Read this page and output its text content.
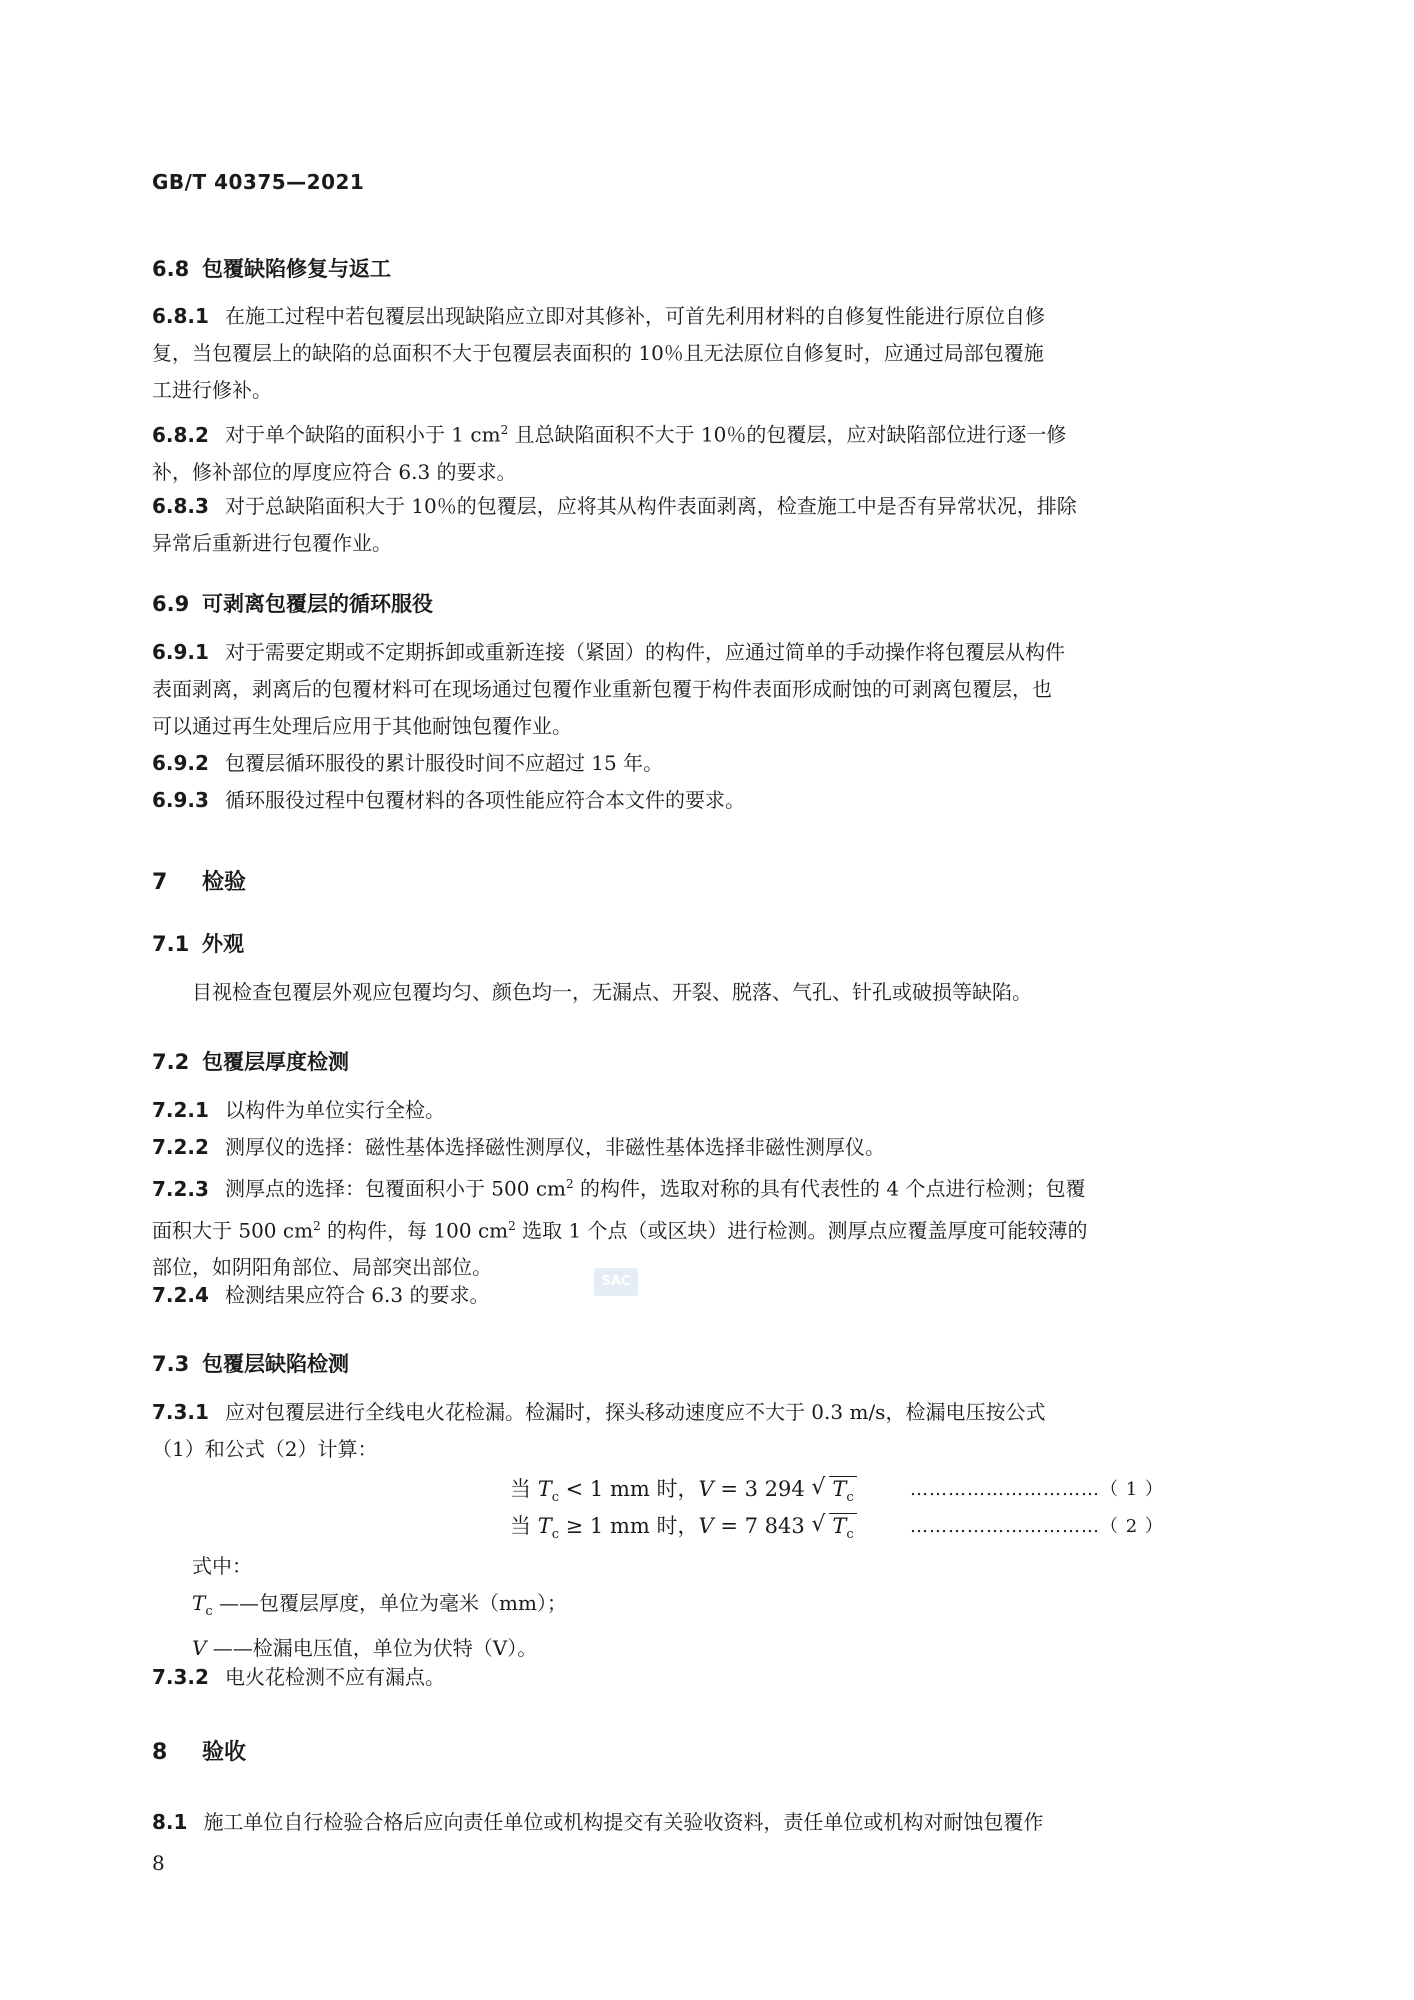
GB/T 40375—2021
6.8 包覆缺陷修复与返工
6.8.1 在施工过程中若包覆层出现缺陷应立即对其修补，可首先利用材料的自修复性能进行原位自修
复，当包覆层上的缺陷的总面积不大于包覆层表面积的 10％且无法原位自修复时，应通过局部包覆施
工进行修补。
6.8.2 对于单个缺陷的面积小于 1 $cm^2$ 且总缺陷面积不大于 10％的包覆层，应对缺陷部位进行逐一修
补，修补部位的厚度应符合 6.3 的要求。
6.8.3 对于总缺陷面积大于 10％的包覆层，应将其从构件表面剥离，检查施工中是否有异常状况，排除
异常后重新进行包覆作业。
6.9 可剥离包覆层的循环服役
6.9.1 对于需要定期或不定期拆卸或重新连接（紧固）的构件，应通过简单的手动操作将包覆层从构件
表面剥离，剥离后的包覆材料可在现场通过包覆作业重新包覆于构件表面形成耐蚀的可剥离包覆层，也
可以通过再生处理后应用于其他耐蚀包覆作业。
6.9.2 包覆层循环服役的累计服役时间不应超过 15 年。
6.9.3 循环服役过程中包覆材料的各项性能应符合本文件的要求。
7 检验
7.1 外观
目视检查包覆层外观应包覆均匀、颜色均一，无漏点、开裂、脱落、气孔、针孔或破损等缺陷。
7.2 包覆层厚度检测
7.2.1 以构件为单位实行全检。
7.2.2 测厚仪的选择：磁性基体选择磁性测厚仪，非磁性基体选择非磁性测厚仪。
7.2.3 测厚点的选择：包覆面积小于 500 $cm^2$ 的构件，选取对称的具有代表性的 4 个点进行检测；包覆
面积大于 500 $cm^2$ 的构件，每 100 $cm^2$ 选取 1 个点（或区块）进行检测。测厚点应覆盖厚度可能较薄的
部位，如阴阳角部位、局部突出部位。
7.2.4 检测结果应符合 6.3 的要求。
SAC
7.3 包覆层缺陷检测
7.3.1 应对包覆层进行全线电火花检漏。检漏时，探头移动速度应不大于 0.3 m/s，检漏电压按公式
（1）和公式（2）计算：
当 $T_c < 1$ mm 时，V = 3 294 √ $T_c$	…………………………（ 1 ）
当 $T_c \ge 1$ mm 时，V = 7 843 √ $T_c$	…………………………（ 2 ）
式中：
$T_c$ ——包覆层厚度，单位为毫米（mm）；
V ——检漏电压值，单位为伏特（V）。
7.3.2 电火花检测不应有漏点。
8 验收
8.1 施工单位自行检验合格后应向责任单位或机构提交有关验收资料，责任单位或机构对耐蚀包覆作
8
